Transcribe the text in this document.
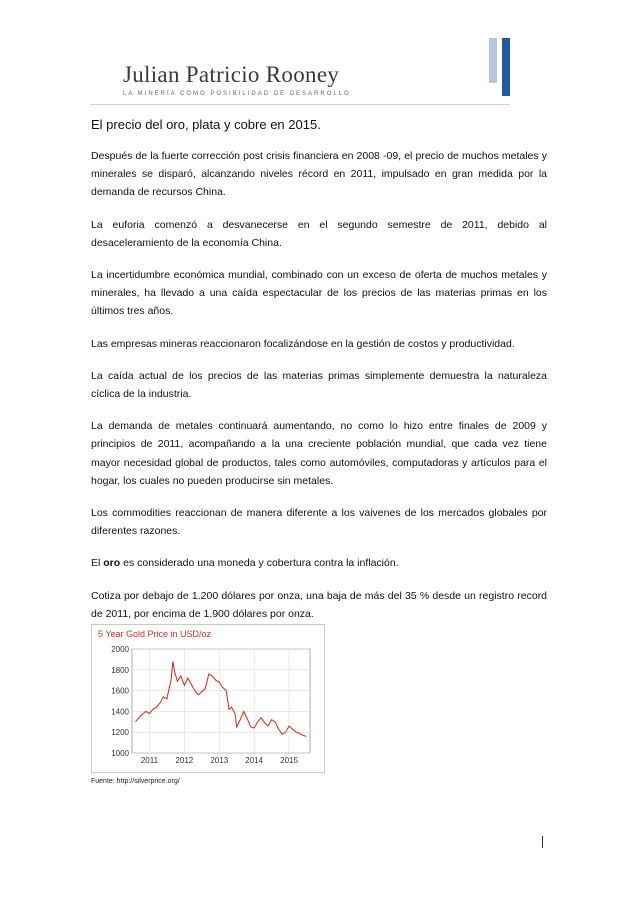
Julian Patricio Rooney
LA MINERÍA COMO POSIBILIDAD DE DESARROLLO
El precio del oro, plata y cobre en 2015.

Después de la fuerte corrección post crisis financiera en 2008 -09, el precio de muchos metales y minerales se disparó, alcanzando niveles récord en 2011, impulsado en gran medida por la demanda de recursos China.

La euforia comenzó a desvanecerse en el segundo semestre de 2011, debido al desaceleramiento de la economía China.

La incertidumbre económica mundial, combinado con un exceso de oferta de muchos metales y minerales, ha llevado a una caída espectacular de los precios de las materias primas en los últimos tres años.

Las empresas mineras reaccionaron focalizándose en la gestión de costos y productividad.

La caída actual de los precios de las materias primas simplemente demuestra la naturaleza cíclica de la industria.

La demanda de metales continuará aumentando, no como lo hizo entre finales de 2009 y principios de 2011, acompañando a la una creciente población mundial, que cada vez tiene mayor necesidad global de productos, tales como automóviles, computadoras y artículos para el hogar, los cuales no pueden producirse sin metales.

Los commodities reaccionan de manera diferente a los vaivenes de los mercados globales por diferentes razones.

El oro es considerado una moneda y cobertura contra la inflación.

Cotiza por debajo de 1.200 dólares por onza, una baja de más del 35 % desde un registro record de 2011, por encima de 1.900 dólares por onza.

5 Year Gold Price in USD/oz
1000
1200
1400
1600
1800
2000
2011 2012 2013 2014 2015
Fuente: http://silverprice.org/
